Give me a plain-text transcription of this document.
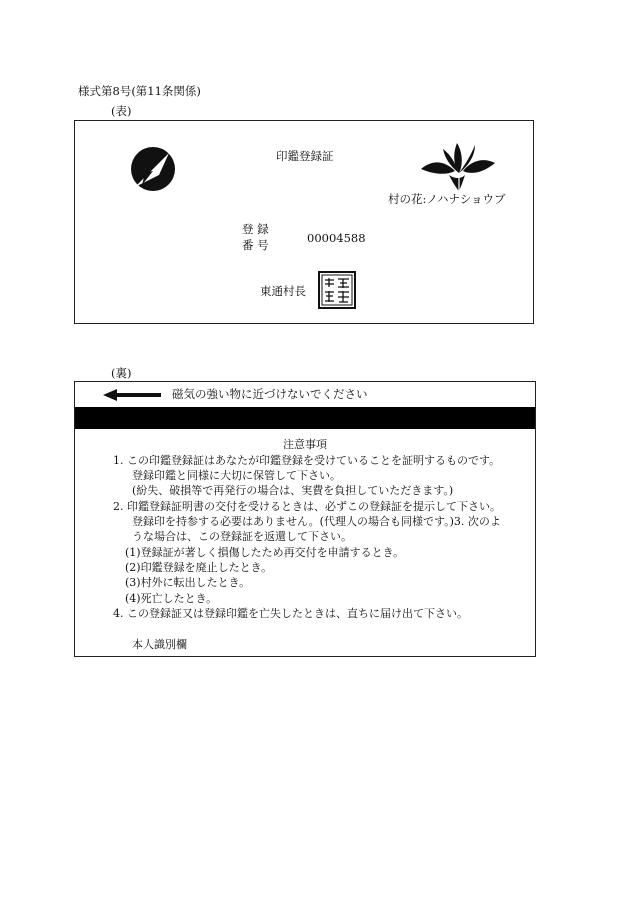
様式第8号(第11条関係)
(表)
印鑑登録証
村の花:ノハナショウブ
登 録
番 号	00004588
東通村長
(裏)
磁気の強い物に近づけないでください
注意事項
1. この印鑑登録証はあなたが印鑑登録を受けていることを証明するものです。
登録印鑑と同様に大切に保管して下さい。
(紛失、破損等で再発行の場合は、実費を負担していただきます。)
2. 印鑑登録証明書の交付を受けるときは、必ずこの登録証を提示して下さい。
登録印を持参する必要はありません。(代理人の場合も同様です。)3. 次のよ
うな場合は、この登録証を返還して下さい。
(1)登録証が著しく損傷したため再交付を申請するとき。
(2)印鑑登録を廃止したとき。
(3)村外に転出したとき。
(4)死亡したとき。
4. この登録証又は登録印鑑を亡失したときは、直ちに届け出て下さい。
本人識別欄
